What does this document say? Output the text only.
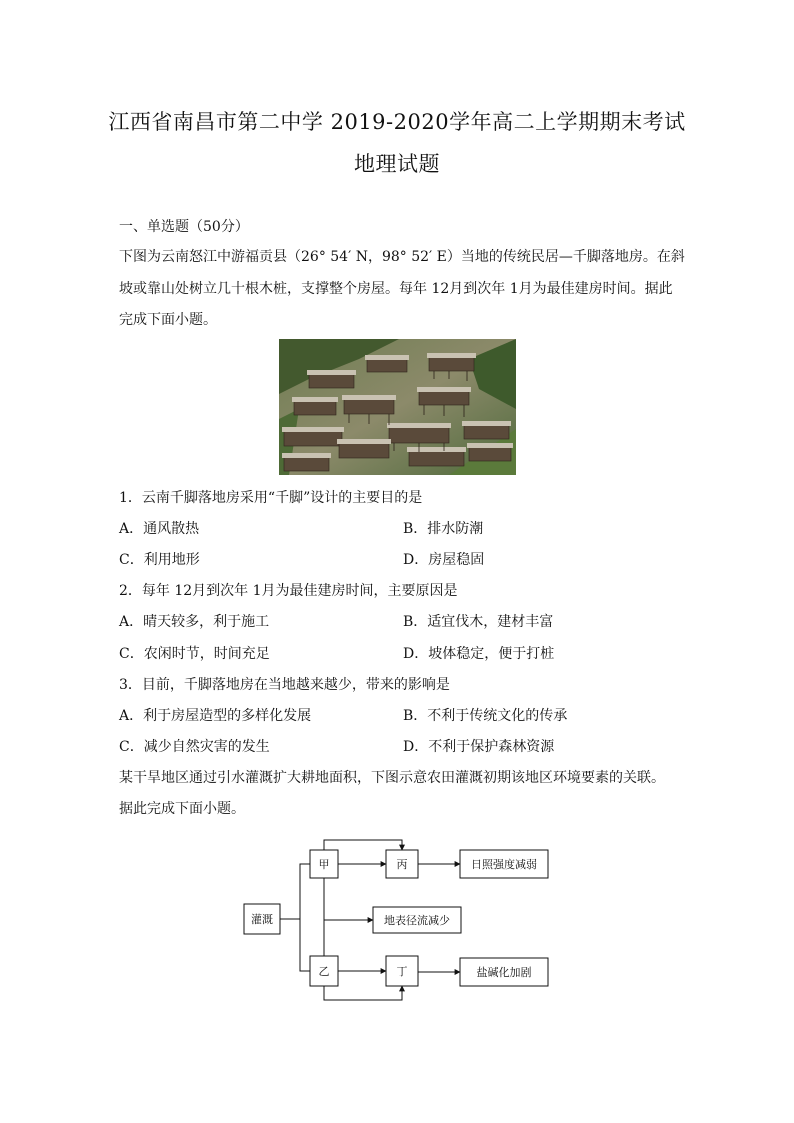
江西省南昌市第二中学 2019-2020学年高二上学期期末考试
地理试题
一、单选题（50分）
下图为云南怒江中游福贡县（26° 54′ N，98° 52′ E）当地的传统民居—千脚落地房。在斜
坡或靠山处树立几十根木桩，支撑整个房屋。每年 12月到次年 1月为最佳建房时间。据此
完成下面小题。
1．云南千脚落地房采用“千脚”设计的主要目的是
A．通风散热	B．排水防潮
C．利用地形	D．房屋稳固
2．每年 12月到次年 1月为最佳建房时间，主要原因是
A．晴天较多，利于施工	B．适宜伐木，建材丰富
C．农闲时节，时间充足	D．坡体稳定，便于打桩
3．目前，千脚落地房在当地越来越少，带来的影响是
A．利于房屋造型的多样化发展	B．不利于传统文化的传承
C．减少自然灾害的发生	D．不利于保护森林资源
某干旱地区通过引水灌溉扩大耕地面积，下图示意农田灌溉初期该地区环境要素的关联。
据此完成下面小题。
灌溉
甲
乙
丙
丁
日照强度减弱
地表径流减少
盐碱化加剧
